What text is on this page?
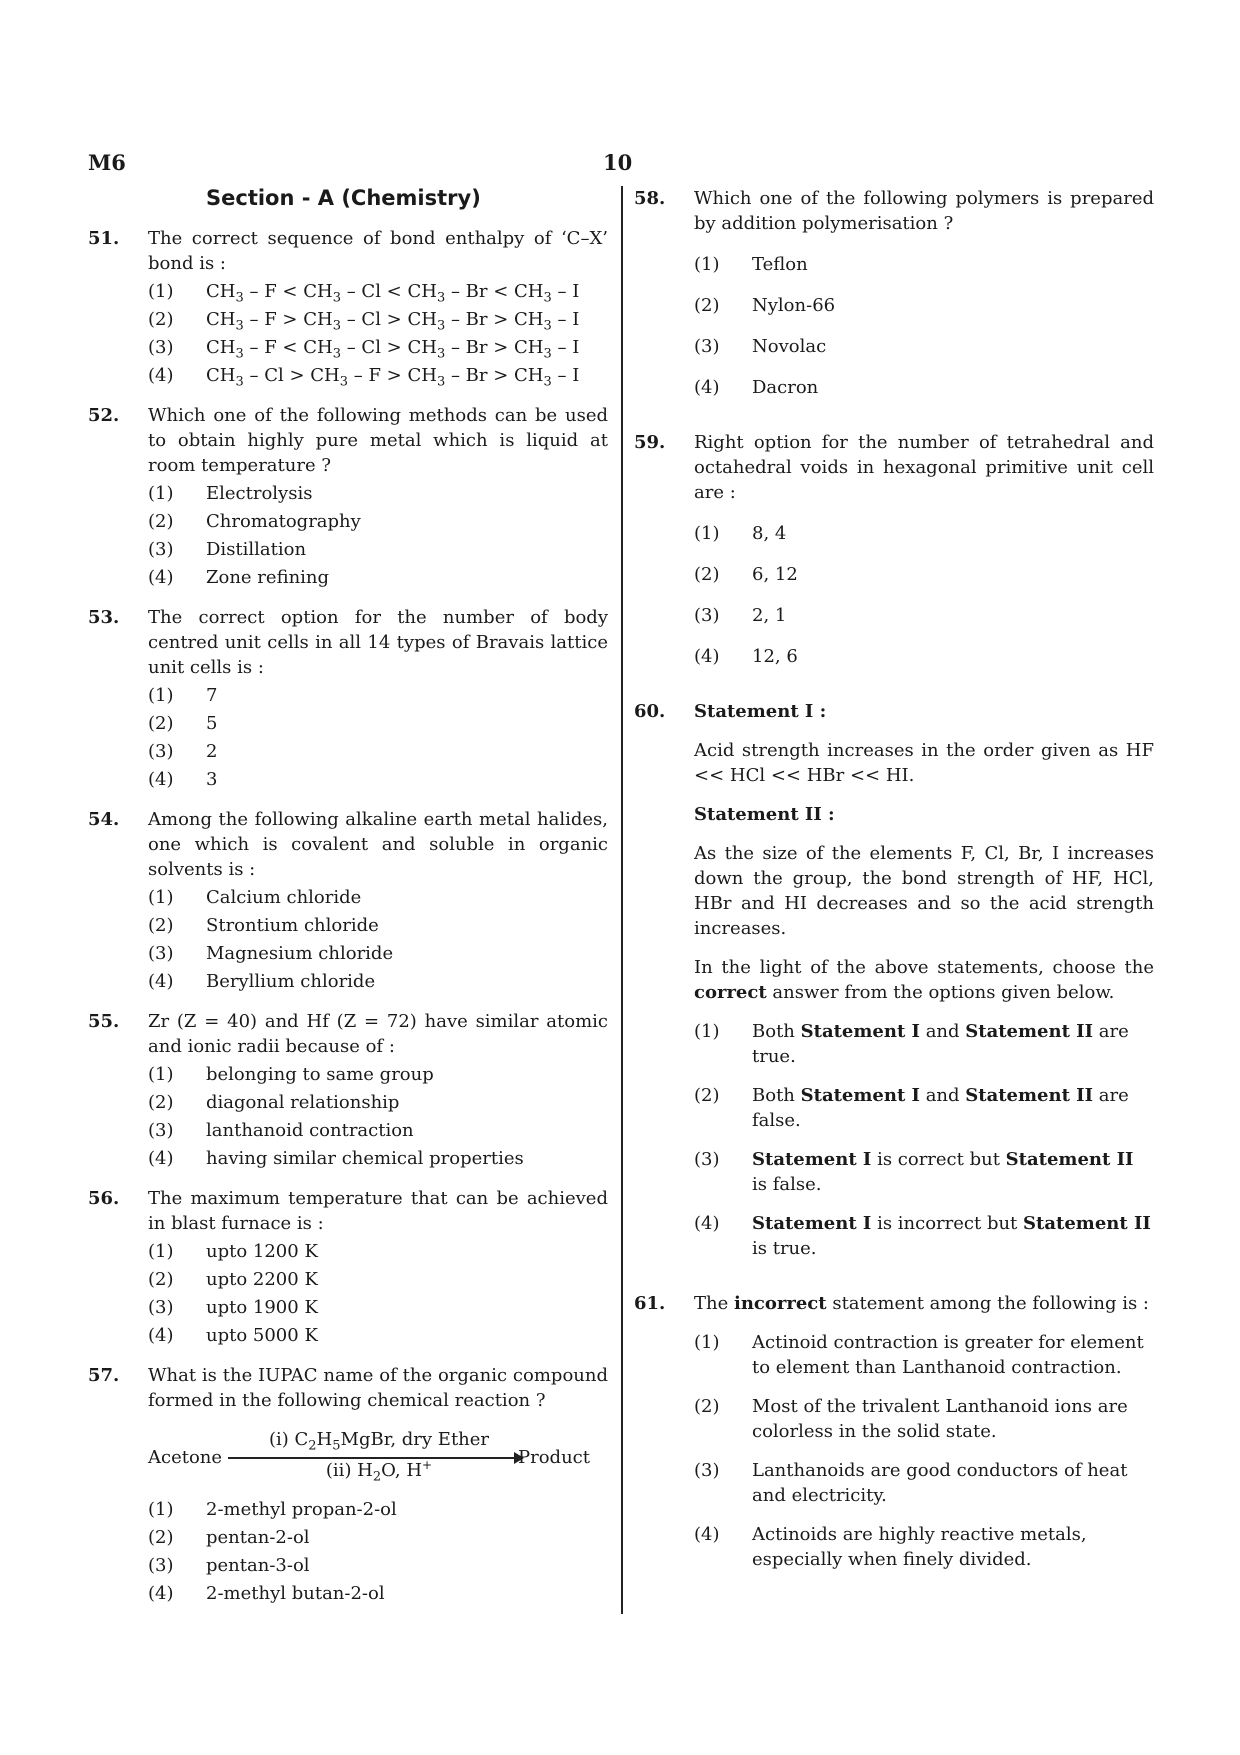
M6	10
Section - A (Chemistry)
51. The correct sequence of bond enthalpy of ‘C–X’ bond is :
(1) $CH_3 - F < CH_3 - Cl < CH_3 - Br < CH_3 - I$
(2) $CH_3 - F > CH_3 - Cl > CH_3 - Br > CH_3 - I$
(3) $CH_3 - F < CH_3 - Cl > CH_3 - Br > CH_3 - I$
(4) $CH_3 - Cl > CH_3 - F > CH_3 - Br > CH_3 - I$
52. Which one of the following methods can be used to obtain highly pure metal which is liquid at room temperature ?
(1) Electrolysis
(2) Chromatography
(3) Distillation
(4) Zone refining
53. The correct option for the number of body centred unit cells in all 14 types of Bravais lattice unit cells is :
(1) 7
(2) 5
(3) 2
(4) 3
54. Among the following alkaline earth metal halides, one which is covalent and soluble in organic solvents is :
(1) Calcium chloride
(2) Strontium chloride
(3) Magnesium chloride
(4) Beryllium chloride
55. Zr (Z = 40) and Hf (Z = 72) have similar atomic and ionic radii because of :
(1) belonging to same group
(2) diagonal relationship
(3) lanthanoid contraction
(4) having similar chemical properties
56. The maximum temperature that can be achieved in blast furnace is :
(1) upto 1200 K
(2) upto 2200 K
(3) upto 1900 K
(4) upto 5000 K
57. What is the IUPAC name of the organic compound formed in the following chemical reaction ?
Acetone
(i) $C_2H_5MgBr$, dry Ether
(ii) $H_2O$, H+	Product
(1) 2-methyl propan-2-ol
(2) pentan-2-ol
(3) pentan-3-ol
(4) 2-methyl butan-2-ol
58. Which one of the following polymers is prepared by addition polymerisation ?
(1) Teflon
(2) Nylon-66
(3) Novolac
(4) Dacron
59. Right option for the number of tetrahedral and octahedral voids in hexagonal primitive unit cell are :
(1) 8, 4
(2) 6, 12
(3) 2, 1
(4) 12, 6
60. Statement I :
Acid strength increases in the order given as HF << HCl << HBr << HI.
Statement II :
As the size of the elements F, Cl, Br, I increases down the group, the bond strength of HF, HCl, HBr and HI decreases and so the acid strength increases.
In the light of the above statements, choose the correct answer from the options given below.
(1) Both Statement I and Statement II are true.
(2) Both Statement I and Statement II are false.
(3) Statement I is correct but Statement II is false.
(4) Statement I is incorrect but Statement II is true.
61. The incorrect statement among the following is :
(1) Actinoid contraction is greater for element to element than Lanthanoid contraction.
(2) Most of the trivalent Lanthanoid ions are colorless in the solid state.
(3) Lanthanoids are good conductors of heat and electricity.
(4) Actinoids are highly reactive metals, especially when finely divided.
